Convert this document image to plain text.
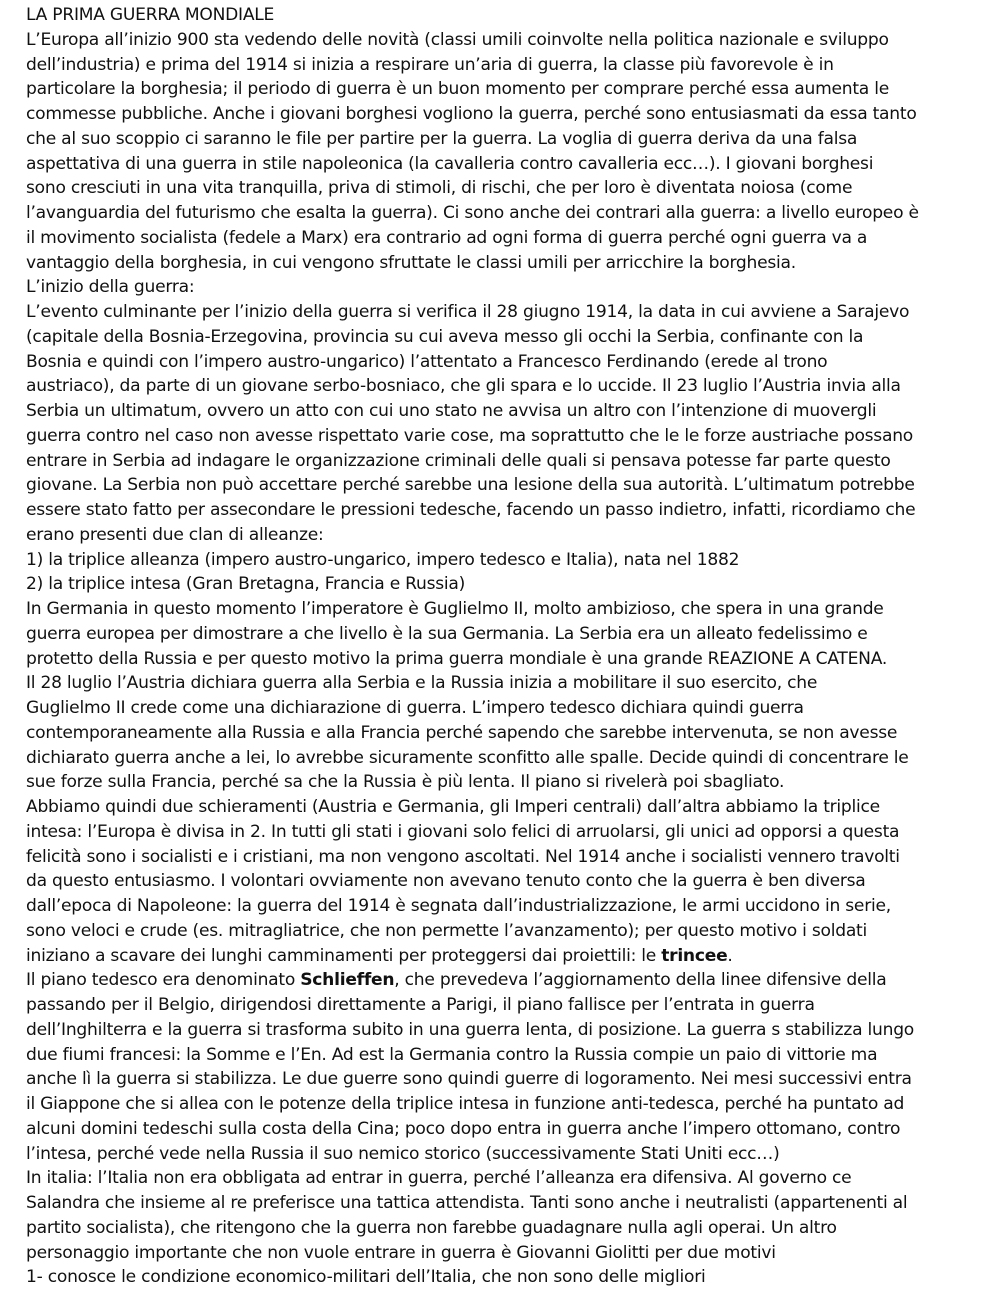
LA PRIMA GUERRA MONDIALE
L’Europa all’inizio 900 sta vedendo delle novità (classi umili coinvolte nella politica nazionale e sviluppo
dell’industria) e prima del 1914 si inizia a respirare un’aria di guerra, la classe più favorevole è in
particolare la borghesia; il periodo di guerra è un buon momento per comprare perché essa aumenta le
commesse pubbliche. Anche i giovani borghesi vogliono la guerra, perché sono entusiasmati da essa tanto
che al suo scoppio ci saranno le file per partire per la guerra. La voglia di guerra deriva da una falsa
aspettativa di una guerra in stile napoleonica (la cavalleria contro cavalleria ecc…). I giovani borghesi
sono cresciuti in una vita tranquilla, priva di stimoli, di rischi, che per loro è diventata noiosa (come
l’avanguardia del futurismo che esalta la guerra). Ci sono anche dei contrari alla guerra: a livello europeo è
il movimento socialista (fedele a Marx) era contrario ad ogni forma di guerra perché ogni guerra va a
vantaggio della borghesia, in cui vengono sfruttate le classi umili per arricchire la borghesia.
L’inizio della guerra:
L’evento culminante per l’inizio della guerra si verifica il 28 giugno 1914, la data in cui avviene a Sarajevo
(capitale della Bosnia-Erzegovina, provincia su cui aveva messo gli occhi la Serbia, confinante con la
Bosnia e quindi con l’impero austro-ungarico) l’attentato a Francesco Ferdinando (erede al trono
austriaco), da parte di un giovane serbo-bosniaco, che gli spara e lo uccide. Il 23 luglio l’Austria invia alla
Serbia un ultimatum, ovvero un atto con cui uno stato ne avvisa un altro con l’intenzione di muovergli
guerra contro nel caso non avesse rispettato varie cose, ma soprattutto che le le forze austriache possano
entrare in Serbia ad indagare le organizzazione criminali delle quali si pensava potesse far parte questo
giovane. La Serbia non può accettare perché sarebbe una lesione della sua autorità. L’ultimatum potrebbe
essere stato fatto per assecondare le pressioni tedesche, facendo un passo indietro, infatti, ricordiamo che
erano presenti due clan di alleanze:
1) la triplice alleanza (impero austro-ungarico, impero tedesco e Italia), nata nel 1882
2) la triplice intesa (Gran Bretagna, Francia e Russia)
In Germania in questo momento l’imperatore è Guglielmo II, molto ambizioso, che spera in una grande
guerra europea per dimostrare a che livello è la sua Germania. La Serbia era un alleato fedelissimo e
protetto della Russia e per questo motivo la prima guerra mondiale è una grande REAZIONE A CATENA.
Il 28 luglio l’Austria dichiara guerra alla Serbia e la Russia inizia a mobilitare il suo esercito, che
Guglielmo II crede come una dichiarazione di guerra. L’impero tedesco dichiara quindi guerra
contemporaneamente alla Russia e alla Francia perché sapendo che sarebbe intervenuta, se non avesse
dichiarato guerra anche a lei, lo avrebbe sicuramente sconfitto alle spalle. Decide quindi di concentrare le
sue forze sulla Francia, perché sa che la Russia è più lenta. Il piano si rivelerà poi sbagliato.
Abbiamo quindi due schieramenti (Austria e Germania, gli Imperi centrali) dall’altra abbiamo la triplice
intesa: l’Europa è divisa in 2. In tutti gli stati i giovani solo felici di arruolarsi, gli unici ad opporsi a questa
felicità sono i socialisti e i cristiani, ma non vengono ascoltati. Nel 1914 anche i socialisti vennero travolti
da questo entusiasmo. I volontari ovviamente non avevano tenuto conto che la guerra è ben diversa
dall’epoca di Napoleone: la guerra del 1914 è segnata dall’industrializzazione, le armi uccidono in serie,
sono veloci e crude (es. mitragliatrice, che non permette l’avanzamento); per questo motivo i soldati
iniziano a scavare dei lunghi camminamenti per proteggersi dai proiettili: le trincee.
Il piano tedesco era denominato Schlieffen, che prevedeva l’aggiornamento della linee difensive della
passando per il Belgio, dirigendosi direttamente a Parigi, il piano fallisce per l’entrata in guerra
dell’Inghilterra e la guerra si trasforma subito in una guerra lenta, di posizione. La guerra s stabilizza lungo
due fiumi francesi: la Somme e l’En. Ad est la Germania contro la Russia compie un paio di vittorie ma
anche lì la guerra si stabilizza. Le due guerre sono quindi guerre di logoramento. Nei mesi successivi entra
il Giappone che si allea con le potenze della triplice intesa in funzione anti-tedesca, perché ha puntato ad
alcuni domini tedeschi sulla costa della Cina; poco dopo entra in guerra anche l’impero ottomano, contro
l’intesa, perché vede nella Russia il suo nemico storico (successivamente Stati Uniti ecc…)
In italia: l’Italia non era obbligata ad entrar in guerra, perché l’alleanza era difensiva. Al governo ce
Salandra che insieme al re preferisce una tattica attendista. Tanti sono anche i neutralisti (appartenenti al
partito socialista), che ritengono che la guerra non farebbe guadagnare nulla agli operai. Un altro
personaggio importante che non vuole entrare in guerra è Giovanni Giolitti per due motivi
1- conosce le condizione economico-militari dell’Italia, che non sono delle migliori
